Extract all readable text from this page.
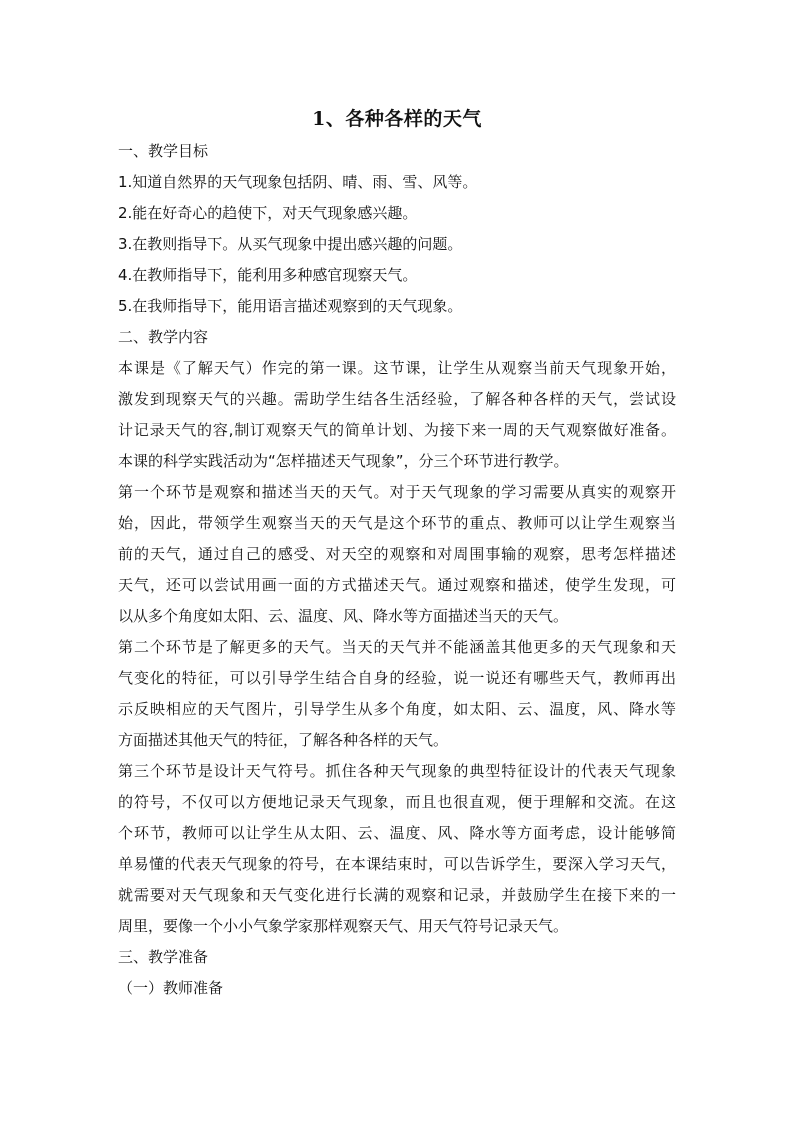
1、各种各样的天气

一、教学目标

1.知道自然界的天气现象包括阴、晴、雨、雪、风等。

2.能在好奇心的趋使下，对天气现象感兴趣。

3.在教则指导下。从买气现象中提出感兴趣的问题。

4.在教师指导下，能利用多种感官现察天气。

5.在我师指导下，能用语言描述观察到的天气现象。

二、教学内容

本课是《了解天气）作完的第一课。这节课，让学生从观察当前天气现象开始，

激发到现察天气的兴趣。需助学生结各生活经验，了解各种各样的天气，尝试设

计记录天气的容,制订观察天气的简单计划、为接下来一周的天气观察做好准备。

本课的科学实践活动为“怎样描述天气现象”，分三个环节进行教学。

第一个环节是观察和描述当天的天气。对于天气现象的学习需要从真实的观察开

始，因此，带领学生观察当天的天气是这个环节的重点、教师可以让学生观察当

前的天气，通过自己的感受、对天空的观察和对周围事输的观察，思考怎样描述

天气，还可以尝试用画一面的方式描述天气。通过观察和描述，使学生发现，可

以从多个角度如太阳、云、温度、风、降水等方面描述当天的天气。

第二个环节是了解更多的天气。当天的天气并不能涵盖其他更多的天气现象和天

气变化的特征，可以引导学生结合自身的经验，说一说还有哪些天气，教师再出

示反映相应的天气图片，引导学生从多个角度，如太阳、云、温度，风、降水等

方面描述其他天气的特征，了解各种各样的天气。

第三个环节是设计天气符号。抓住各种天气现象的典型特征设计的代表天气现象

的符号，不仅可以方便地记录天气现象，而且也很直观，便于理解和交流。在这

个环节，教师可以让学生从太阳、云、温度、风、降水等方面考虑，设计能够简

单易懂的代表天气现象的符号，在本课结束时，可以告诉学生，要深入学习天气，

就需要对天气现象和天气变化进行长满的观察和记录，并鼓励学生在接下来的一

周里，要像一个小小气象学家那样观察天气、用天气符号记录天气。

三、教学准备

（一）教师准备
